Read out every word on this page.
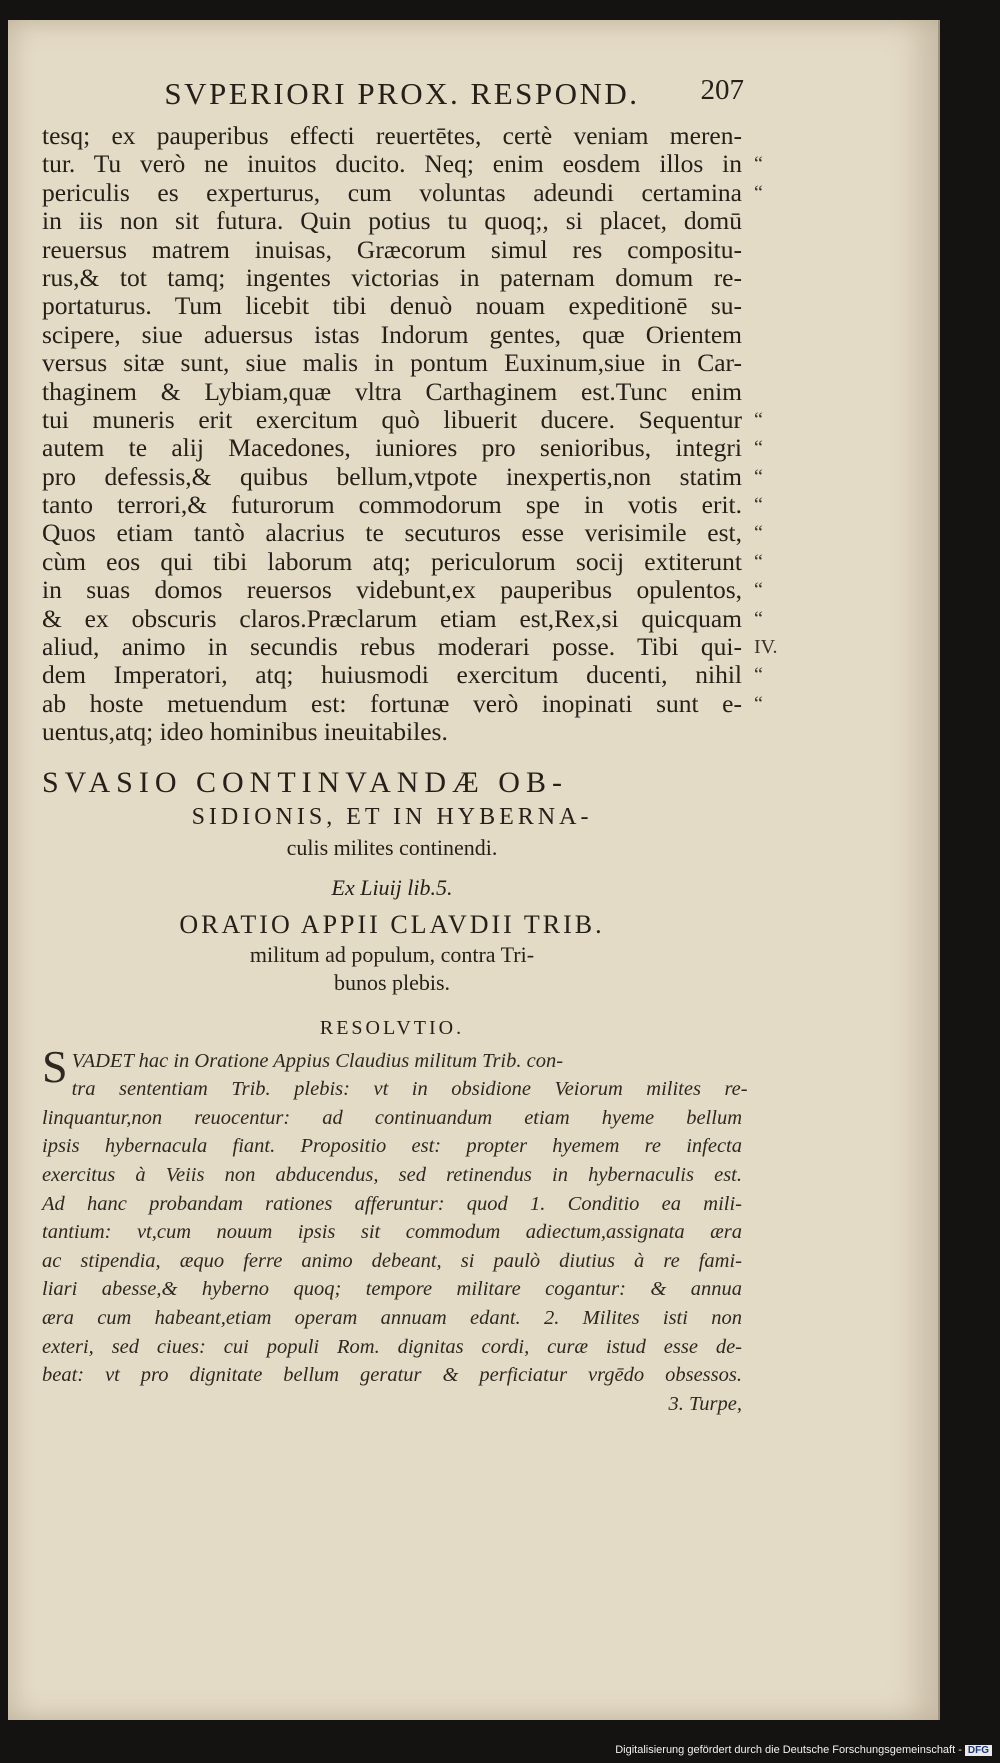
SVPERIORI PROX. RESPOND. 207
tesq; ex pauperibus effecti reuertētes, certè veniam meren-
tur. Tu verò ne inuitos ducito. Neq; enim eosdem illos in “
periculis es experturus, cum voluntas adeundi certamina “
in iis non sit futura. Quin potius tu quoq;, si placet, domū
reuersus matrem inuisas, Græcorum simul res compositu-
rus,& tot tamq; ingentes victorias in paternam domum re-
portaturus. Tum licebit tibi denuò nouam expeditionē su-
scipere, siue aduersus istas Indorum gentes, quæ Orientem
versus sitæ sunt, siue malis in pontum Euxinum,siue in Car-
thaginem & Lybiam,quæ vltra Carthaginem est.Tunc enim
tui muneris erit exercitum quò libuerit ducere. Sequentur “
autem te alij Macedones, iuniores pro senioribus, integri “
pro defessis,& quibus bellum,vtpote inexpertis,non statim “
tanto terrori,& futurorum commodorum spe in votis erit. “
Quos etiam tantò alacrius te secuturos esse verisimile est, “
cùm eos qui tibi laborum atq; periculorum socij extiterunt “
in suas domos reuersos videbunt,ex pauperibus opulentos, “
& ex obscuris claros.Præclarum etiam est,Rex,si quicquam “
aliud, animo in secundis rebus moderari posse. Tibi qui- IV.
dem Imperatori, atq; huiusmodi exercitum ducenti, nihil “
ab hoste metuendum est: fortunæ verò inopinati sunt e- “
uentus,atq; ideo hominibus ineuitabiles.
SVASIO CONTINVANDÆ OB-
SIDIONIS, ET IN HYBERNA-
culis milites continendi.
Ex Liuij lib.5.
ORATIO APPII CLAVDII TRIB.
militum ad populum, contra Tri-
bunos plebis.
RESOLVTIO.
SVADET hac in Oratione Appius Claudius militum Trib. con-
tra sententiam Trib. plebis: vt in obsidione Veiorum milites re-
linquantur,non reuocentur: ad continuandum etiam hyeme bellum
ipsis hybernacula fiant. Propositio est: propter hyemem re infecta
exercitus à Veiis non abducendus, sed retinendus in hybernaculis est.
Ad hanc probandam rationes afferuntur: quod 1. Conditio ea mili-
tantium: vt,cum nouum ipsis sit commodum adiectum,assignata æra
ac stipendia, æquo ferre animo debeant, si paulò diutius à re fami-
liari abesse,& hyberno quoq; tempore militare cogantur: & annua
æra cum habeant,etiam operam annuam edant. 2. Milites isti non
exteri, sed ciues: cui populi Rom. dignitas cordi, curæ istud esse de-
beat: vt pro dignitate bellum geratur & perficiatur vrgēdo obsessos.
3. Turpe,
Digitalisierung gefördert durch die Deutsche Forschungsgemeinschaft - DFG
